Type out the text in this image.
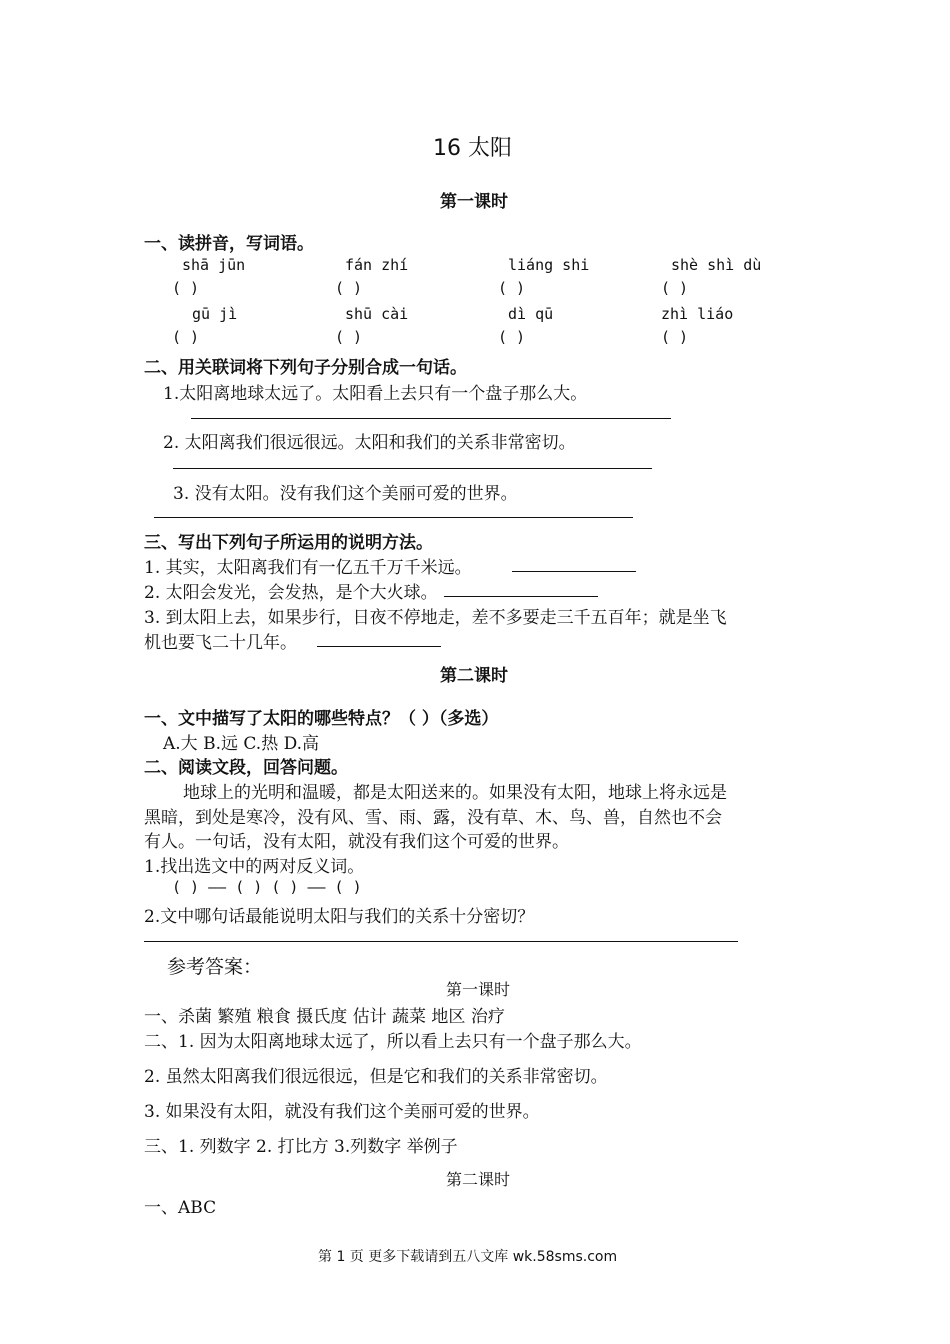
16 太阳
第一课时
一、读拼音，写词语。
shā jūn	fán zhí	liáng shi	shè shì dù
( )	( )	( )	( )
gū jì	shū cài	dì qū	zhì liáo
( )	( )	( )	( )
二、用关联词将下列句子分别合成一句话。
1.太阳离地球太远了。太阳看上去只有一个盘子那么大。
2. 太阳离我们很远很远。太阳和我们的关系非常密切。
3. 没有太阳。没有我们这个美丽可爱的世界。
三、写出下列句子所运用的说明方法。
1. 其实，太阳离我们有一亿五千万千米远。
2. 太阳会发光，会发热，是个大火球。
3. 到太阳上去，如果步行，日夜不停地走，差不多要走三千五百年；就是坐飞
机也要飞二十几年。
第二课时
一、文中描写了太阳的哪些特点？（ ）（多选）
A.大 B.远 C.热 D.高
二、阅读文段，回答问题。
地球上的光明和温暖，都是太阳送来的。如果没有太阳，地球上将永远是
黑暗，到处是寒冷，没有风、雪、雨、露，没有草、木、鸟、兽，自然也不会
有人。一句话，没有太阳，就没有我们这个可爱的世界。
1.找出选文中的两对反义词。
( ) —— ( ) ( ) —— ( )
2.文中哪句话最能说明太阳与我们的关系十分密切？
参考答案：
第一课时
一、杀菌 繁殖 粮食 摄氏度 估计 蔬菜 地区 治疗
二、1. 因为太阳离地球太远了，所以看上去只有一个盘子那么大。
2. 虽然太阳离我们很远很远，但是它和我们的关系非常密切。
3. 如果没有太阳，就没有我们这个美丽可爱的世界。
三、1. 列数字 2. 打比方 3.列数字 举例子
第二课时
一、ABC
第 1 页 更多下载请到五八文库 wk.58sms.com
